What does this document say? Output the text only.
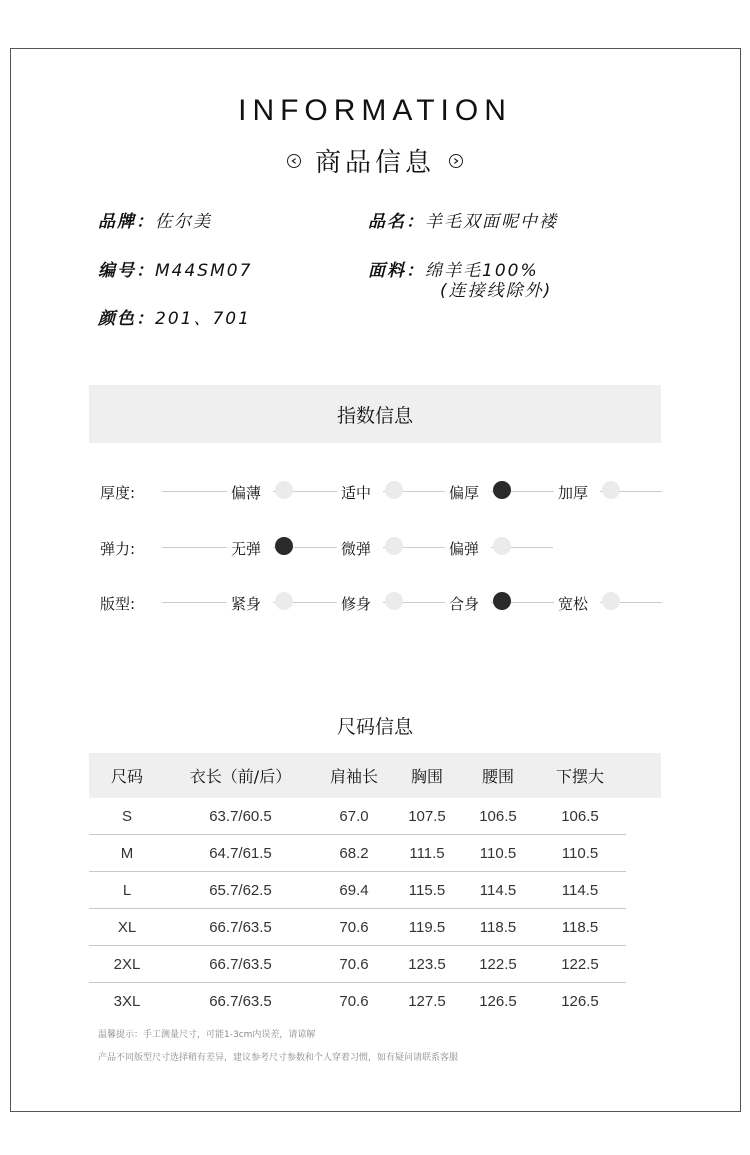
INFORMATION
商品信息
品牌：佐尔美
编号：M44SM07
颜色：201、701
品名：羊毛双面呢中褛
面料：绵羊毛100%
(连接线除外)
指数信息
厚度:	偏薄	适中	偏厚	加厚
弹力:	无弹	微弹	偏弹
版型:	紧身	修身	合身	宽松
尺码信息
尺码	衣长（前/后）	肩袖长	胸围	腰围	下摆大	
S	63.7/60.5	67.0	107.5	106.5	106.5	
M	64.7/61.5	68.2	111.5	110.5	110.5	
L	65.7/62.5	69.4	115.5	114.5	114.5	
XL	66.7/63.5	70.6	119.5	118.5	118.5	
2XL	66.7/63.5	70.6	123.5	122.5	122.5	
3XL	66.7/63.5	70.6	127.5	126.5	126.5	
温馨提示：手工测量尺寸，可能1-3cm内误差，请谅解
产品不同版型尺寸选择稍有差异，建议参考尺寸参数和个人穿着习惯，如有疑问请联系客服
